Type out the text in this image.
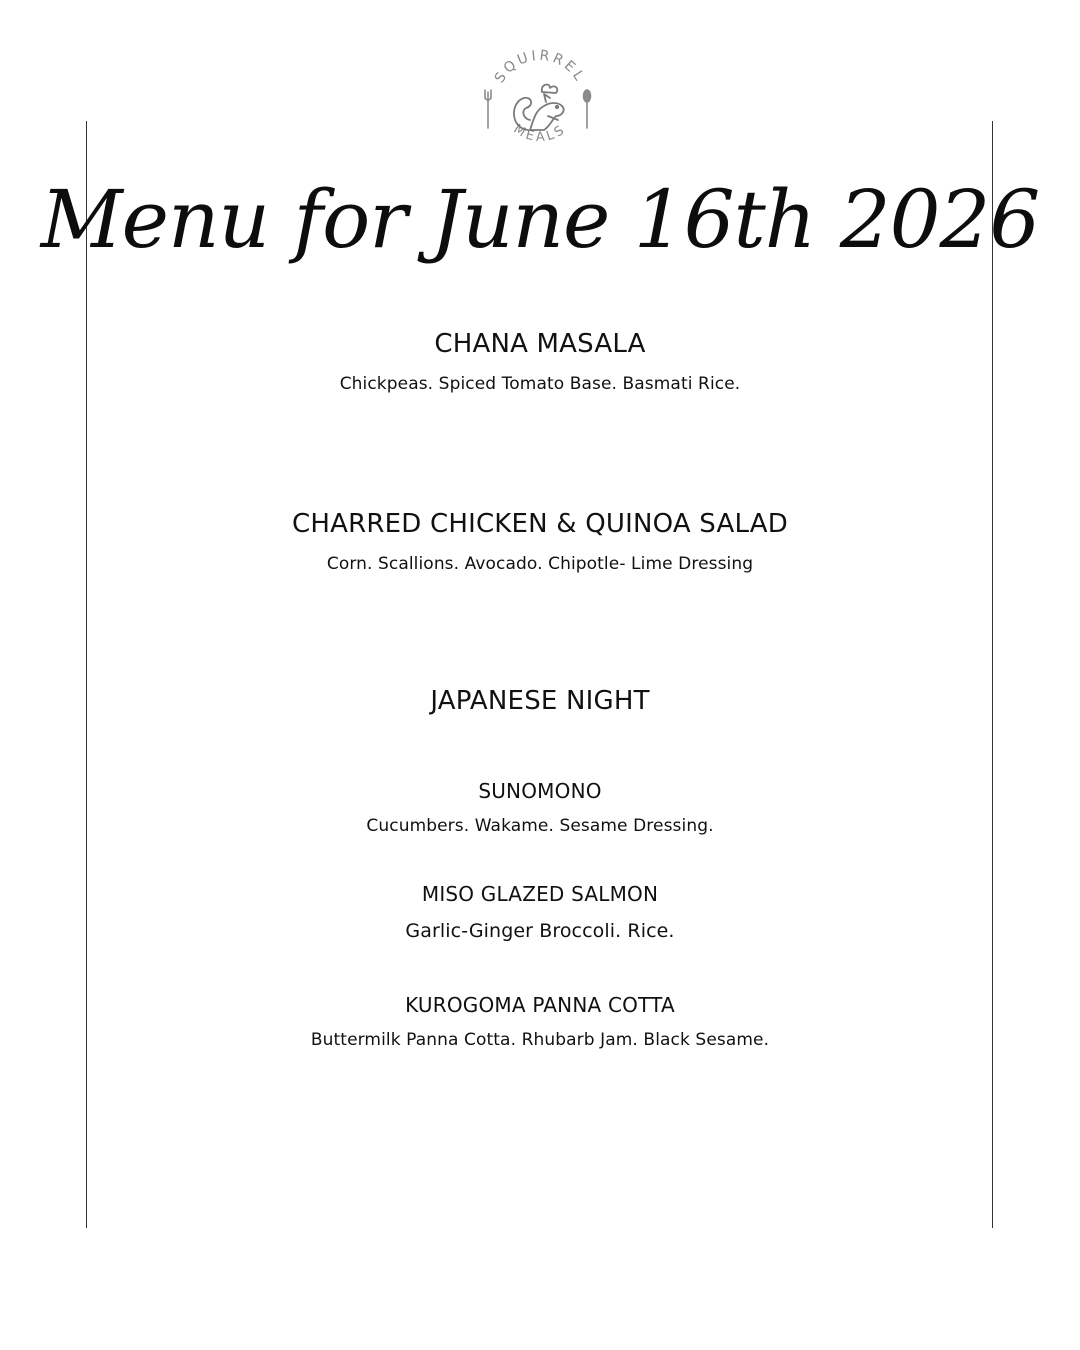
SQUIRREL
MEALS
Menu for June 16th 2026
CHANA MASALA
Chickpeas. Spiced Tomato Base. Basmati Rice.
CHARRED CHICKEN & QUINOA SALAD
Corn. Scallions. Avocado. Chipotle- Lime Dressing
JAPANESE NIGHT
SUNOMONO
Cucumbers. Wakame. Sesame Dressing.
MISO GLAZED SALMON
Garlic-Ginger Broccoli. Rice.
KUROGOMA PANNA COTTA
Buttermilk Panna Cotta. Rhubarb Jam. Black Sesame.
